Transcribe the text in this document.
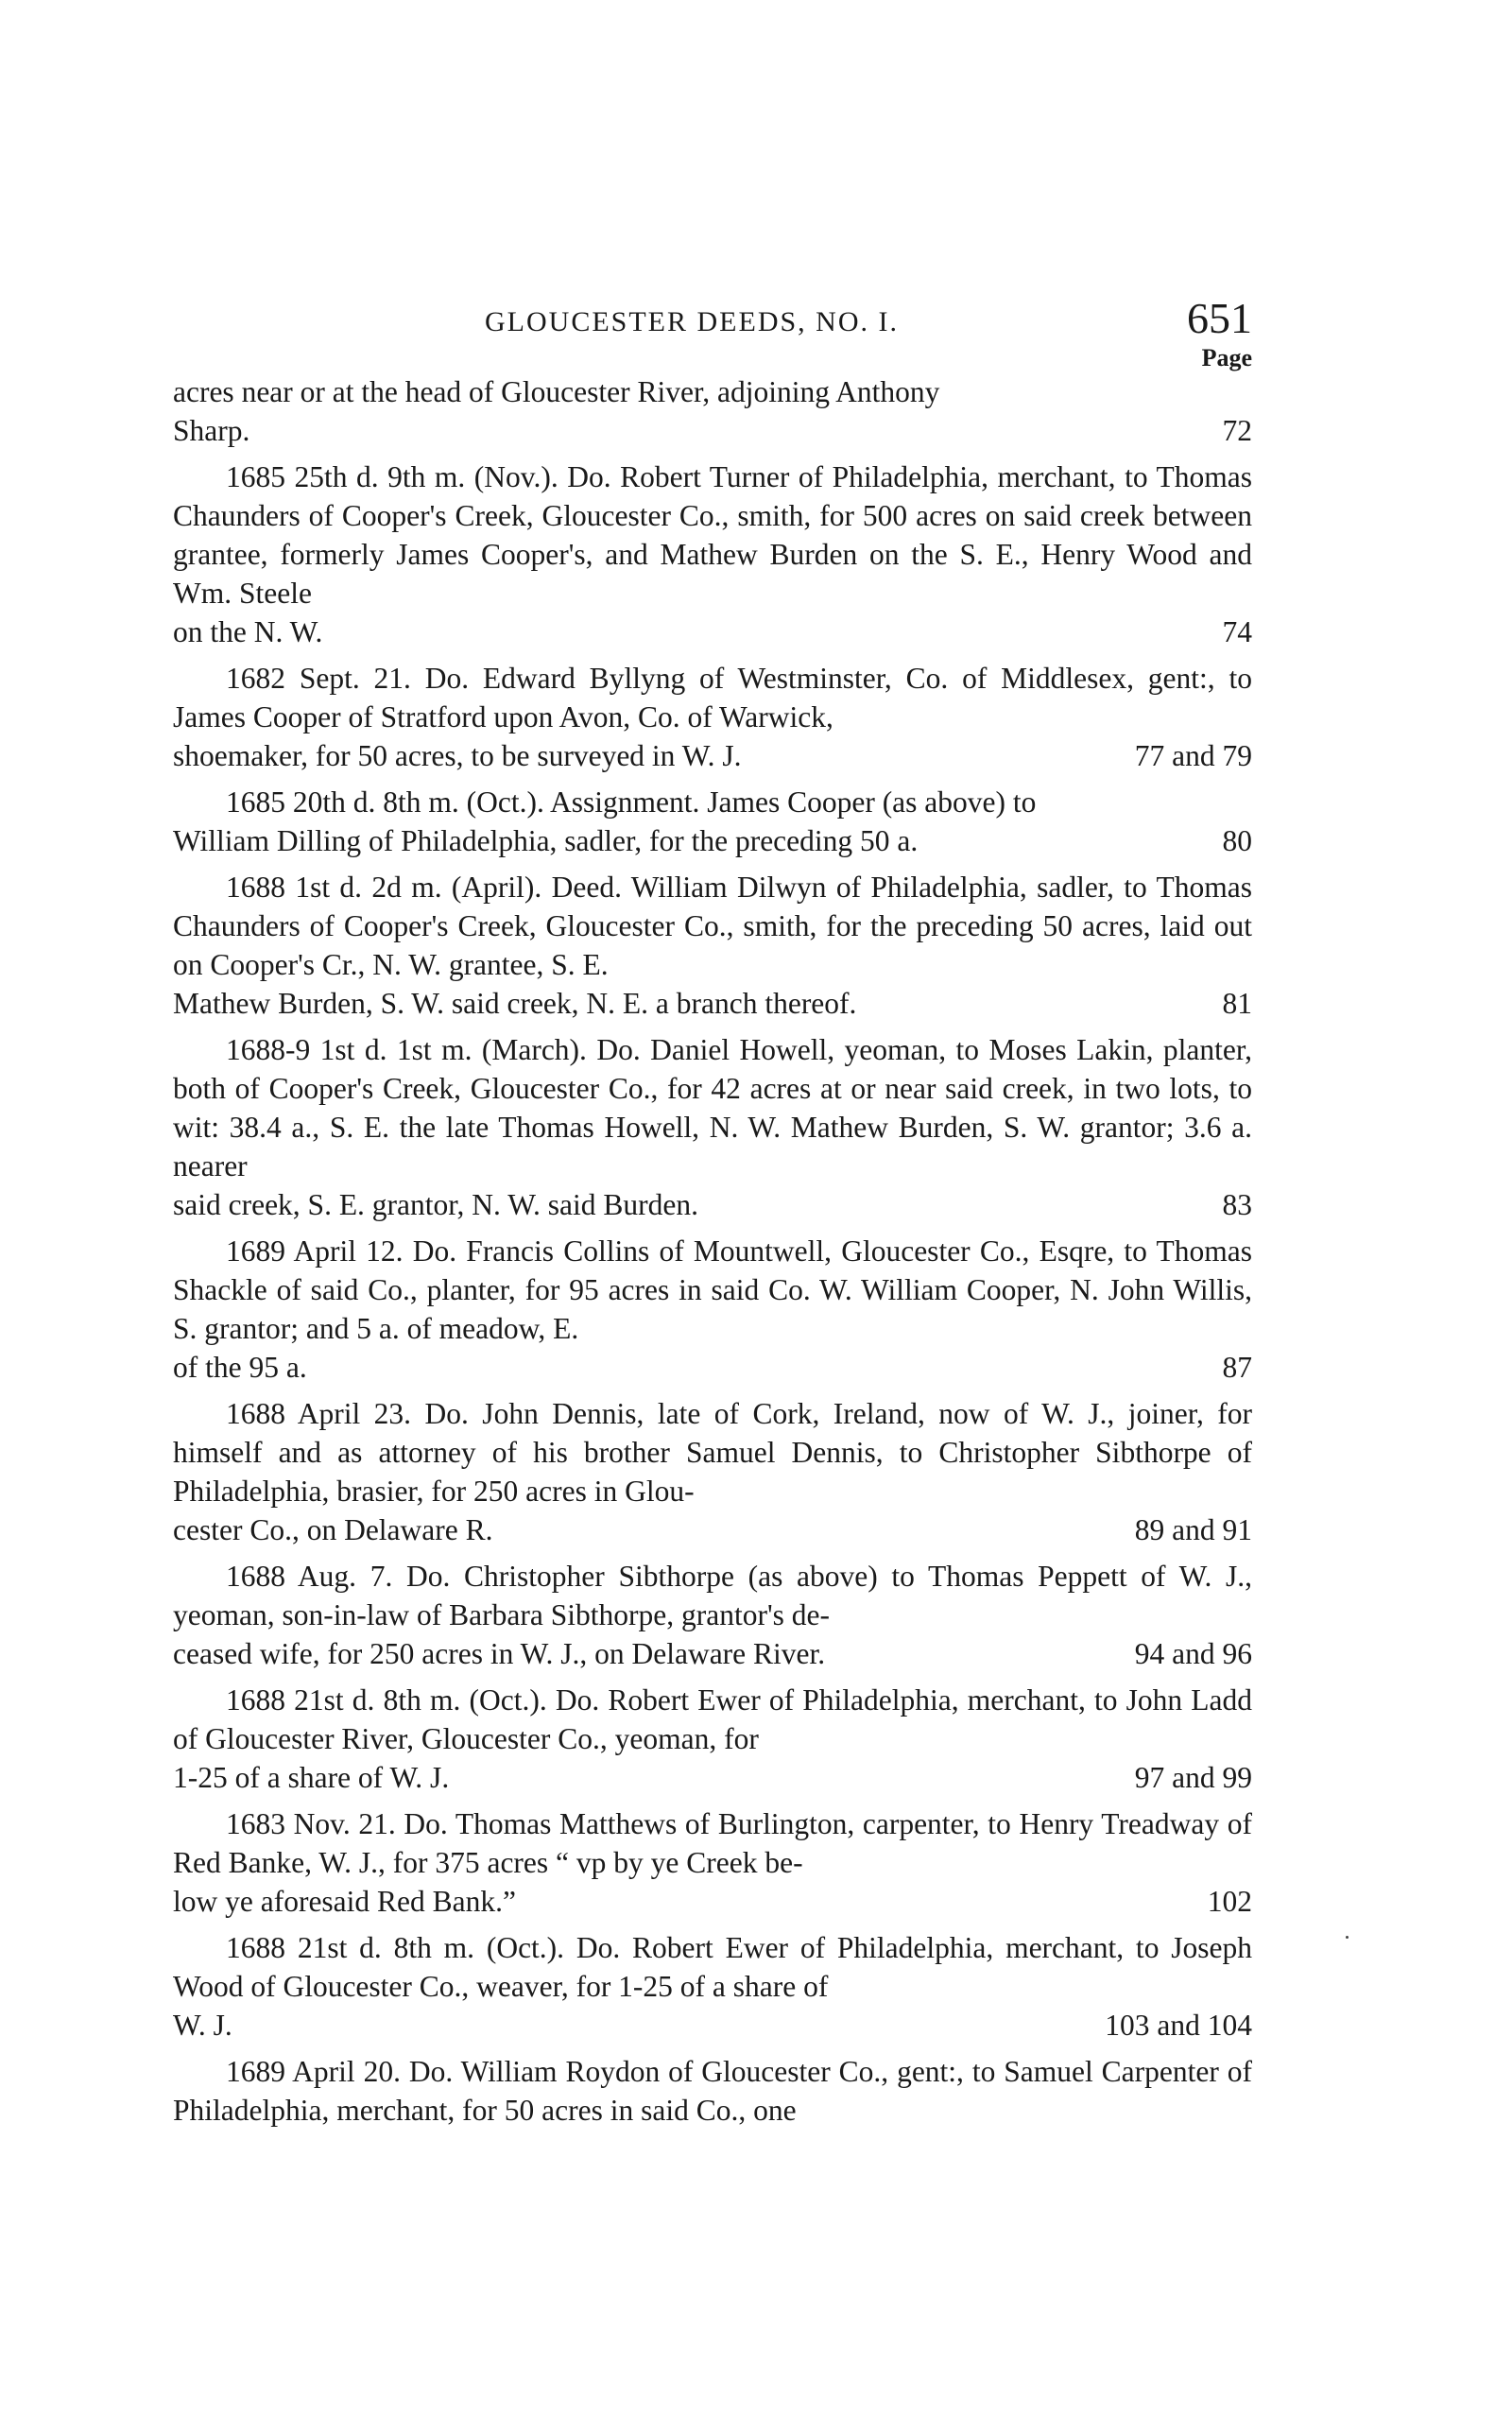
GLOUCESTER DEEDS, NO. I.	651
Page
acres near or at the head of Gloucester River, adjoining Anthony
Sharp.	72
1685 25th d. 9th m. (Nov.). Do. Robert Turner of Philadelphia, merchant, to Thomas Chaunders of Cooper's Creek, Gloucester Co., smith, for 500 acres on said creek between grantee, formerly James Cooper's, and Mathew Burden on the S. E., Henry Wood and Wm. Steele
on the N. W.	74
1682 Sept. 21. Do. Edward Byllyng of Westminster, Co. of Middlesex, gent:, to James Cooper of Stratford upon Avon, Co. of Warwick,
shoemaker, for 50 acres, to be surveyed in W. J.	77 and 79
1685 20th d. 8th m. (Oct.). Assignment. James Cooper (as above) to
William Dilling of Philadelphia, sadler, for the preceding 50 a.	80
1688 1st d. 2d m. (April). Deed. William Dilwyn of Philadelphia, sadler, to Thomas Chaunders of Cooper's Creek, Gloucester Co., smith, for the preceding 50 acres, laid out on Cooper's Cr., N. W. grantee, S. E.
Mathew Burden, S. W. said creek, N. E. a branch thereof.	81
1688-9 1st d. 1st m. (March). Do. Daniel Howell, yeoman, to Moses Lakin, planter, both of Cooper's Creek, Gloucester Co., for 42 acres at or near said creek, in two lots, to wit: 38.4 a., S. E. the late Thomas Howell, N. W. Mathew Burden, S. W. grantor; 3.6 a. nearer
said creek, S. E. grantor, N. W. said Burden.	83
1689 April 12. Do. Francis Collins of Mountwell, Gloucester Co., Esqre, to Thomas Shackle of said Co., planter, for 95 acres in said Co. W. William Cooper, N. John Willis, S. grantor; and 5 a. of meadow, E.
of the 95 a.	87
1688 April 23. Do. John Dennis, late of Cork, Ireland, now of W. J., joiner, for himself and as attorney of his brother Samuel Dennis, to Christopher Sibthorpe of Philadelphia, brasier, for 250 acres in Glou-
cester Co., on Delaware R.	89 and 91
1688 Aug. 7. Do. Christopher Sibthorpe (as above) to Thomas Peppett of W. J., yeoman, son-in-law of Barbara Sibthorpe, grantor's de-
ceased wife, for 250 acres in W. J., on Delaware River.	94 and 96
1688 21st d. 8th m. (Oct.). Do. Robert Ewer of Philadelphia, merchant, to John Ladd of Gloucester River, Gloucester Co., yeoman, for
1-25 of a share of W. J.	97 and 99
1683 Nov. 21. Do. Thomas Matthews of Burlington, carpenter, to Henry Treadway of Red Banke, W. J., for 375 acres “ vp by ye Creek be-
low ye aforesaid Red Bank.”	102
1688 21st d. 8th m. (Oct.). Do. Robert Ewer of Philadelphia, merchant, to Joseph Wood of Gloucester Co., weaver, for 1-25 of a share of
W. J.	103 and 104
1689 April 20. Do. William Roydon of Gloucester Co., gent:, to Samuel Carpenter of Philadelphia, merchant, for 50 acres in said Co., one
